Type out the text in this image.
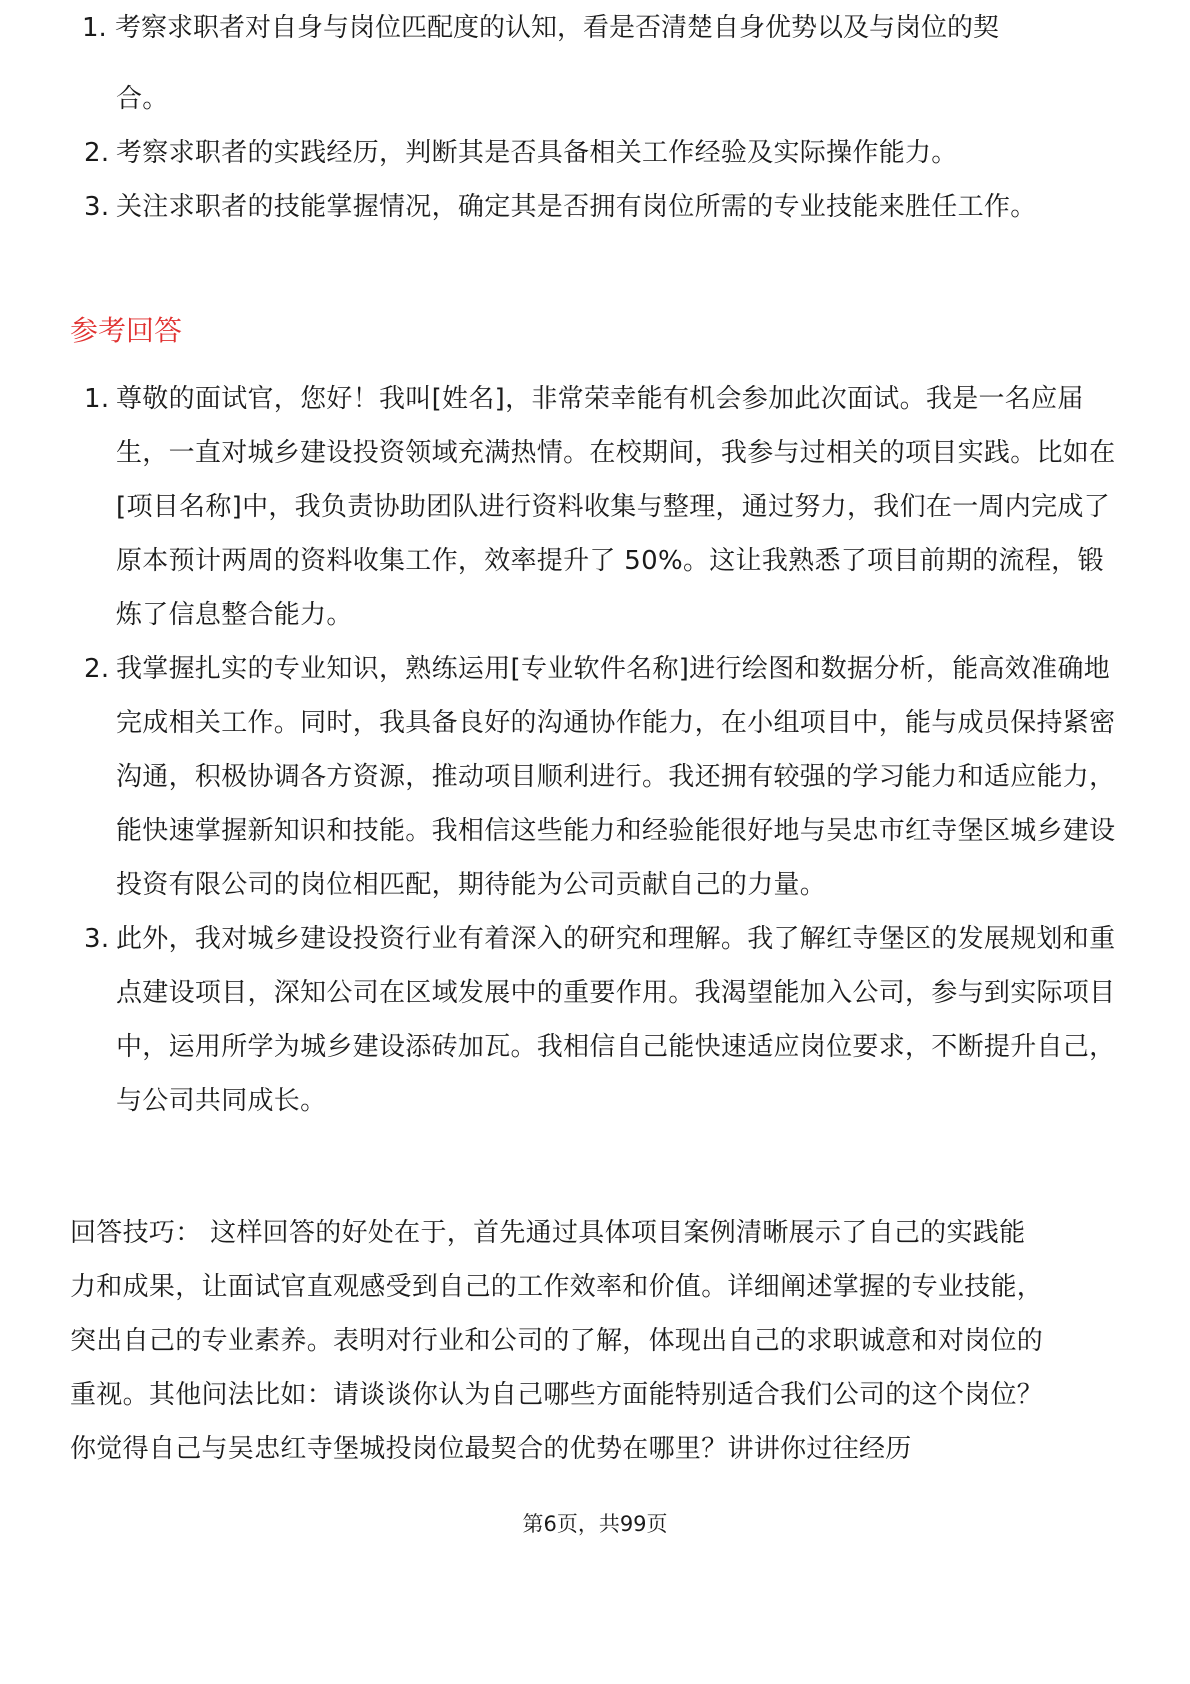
1. 考察求职者对自身与岗位匹配度的认知，看是否清楚自身优势以及与岗位的契
合。
2. 考察求职者的实践经历，判断其是否具备相关工作经验及实际操作能力。
3. 关注求职者的技能掌握情况，确定其是否拥有岗位所需的专业技能来胜任工作。
参考回答
1. 尊敬的面试官，您好！我叫[姓名]，非常荣幸能有机会参加此次面试。我是一名应届生，一直对城乡建设投资领域充满热情。在校期间，我参与过相关的项目实践。比如在[项目名称]中，我负责协助团队进行资料收集与整理，通过努力，我们在一周内完成了原本预计两周的资料收集工作，效率提升了 50%。这让我熟悉了项目前期的流程，锻炼了信息整合能力。
2. 我掌握扎实的专业知识，熟练运用[专业软件名称]进行绘图和数据分析，能高效准确地完成相关工作。同时，我具备良好的沟通协作能力，在小组项目中，能与成员保持紧密沟通，积极协调各方资源，推动项目顺利进行。我还拥有较强的学习能力和适应能力，能快速掌握新知识和技能。我相信这些能力和经验能很好地与吴忠市红寺堡区城乡建设投资有限公司的岗位相匹配，期待能为公司贡献自己的力量。
3. 此外，我对城乡建设投资行业有着深入的研究和理解。我了解红寺堡区的发展规划和重点建设项目，深知公司在区域发展中的重要作用。我渴望能加入公司，参与到实际项目中，运用所学为城乡建设添砖加瓦。我相信自己能快速适应岗位要求，不断提升自己，与公司共同成长。
回答技巧： 这样回答的好处在于，首先通过具体项目案例清晰展示了自己的实践能力和成果，让面试官直观感受到自己的工作效率和价值。详细阐述掌握的专业技能，突出自己的专业素养。表明对行业和公司的了解，体现出自己的求职诚意和对岗位的重视。其他问法比如：请谈谈你认为自己哪些方面能特别适合我们公司的这个岗位？你觉得自己与吴忠红寺堡城投岗位最契合的优势在哪里？讲讲你过往经历
第6页，共99页
